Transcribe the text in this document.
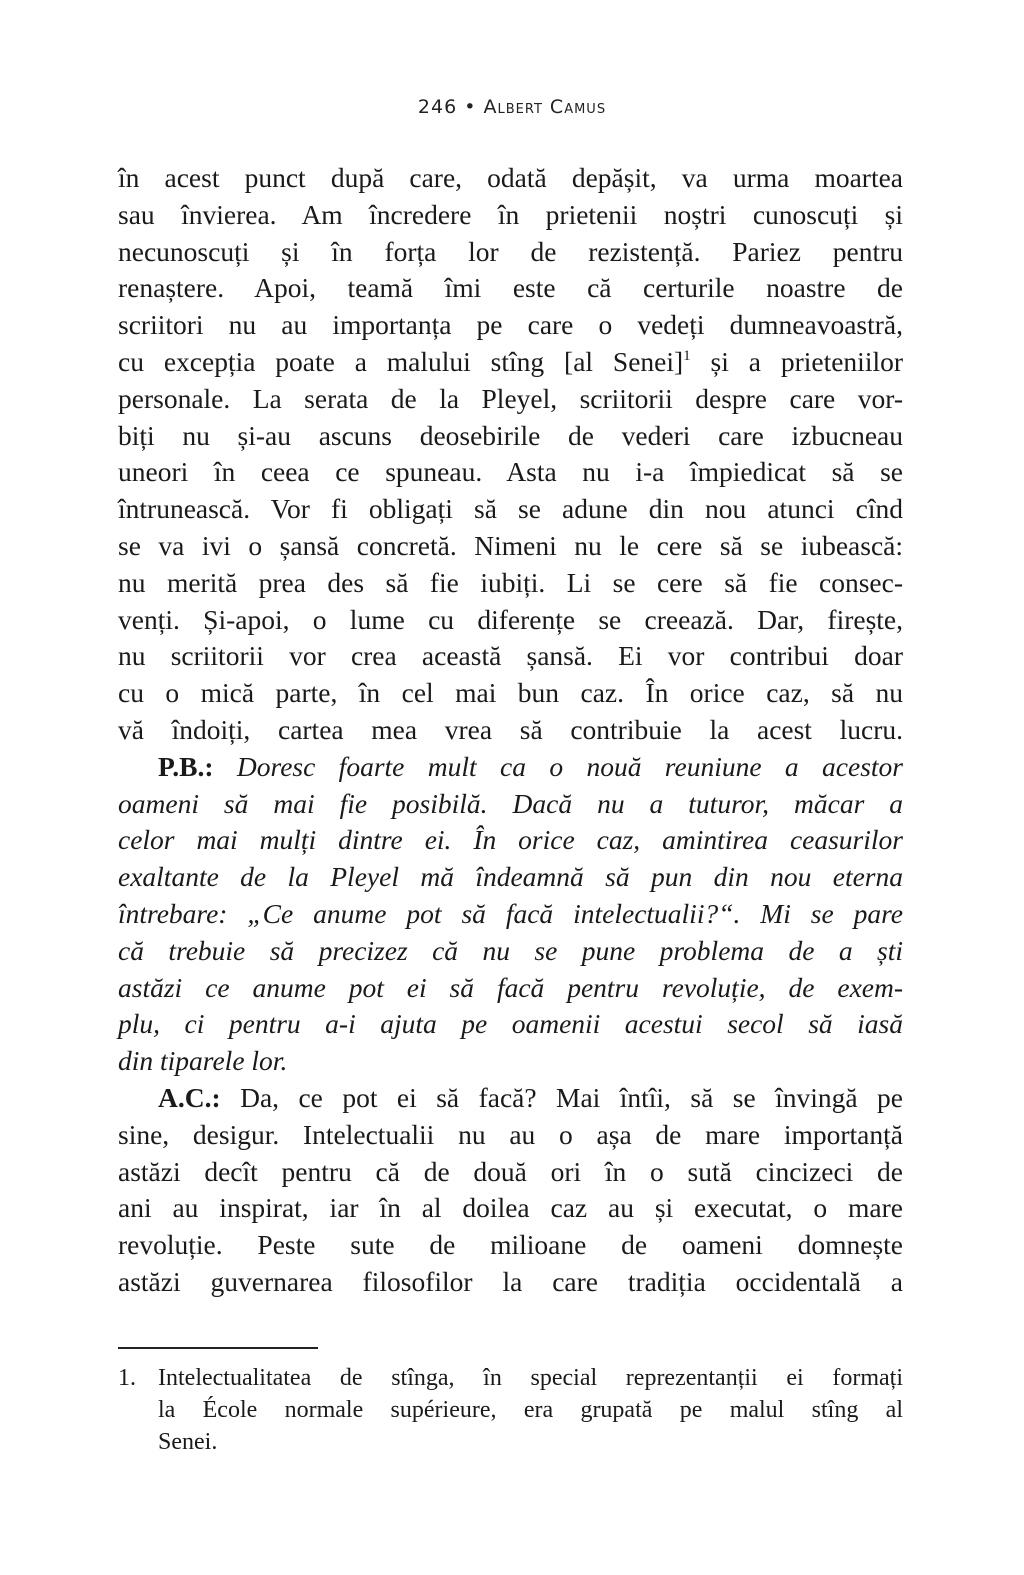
246 • Albert Camus
în acest punct după care, odată depășit, va urma moartea
sau învierea. Am încredere în prietenii noștri cunoscuți și
necunoscuți și în forța lor de rezistență. Pariez pentru
renaștere. Apoi, teamă îmi este că certurile noastre de
scriitori nu au importanța pe care o vedeți dumneavoastră,
cu excepția poate a malului stîng [al Senei]$^1$ și a prieteniilor
personale. La serata de la Pleyel, scriitorii despre care vor-
biți nu și-au ascuns deosebirile de vederi care izbucneau
uneori în ceea ce spuneau. Asta nu i-a împiedicat să se
întrunească. Vor fi obligați să se adune din nou atunci cînd
se va ivi o șansă concretă. Nimeni nu le cere să se iubească:
nu merită prea des să fie iubiți. Li se cere să fie consec-
venți. Și-apoi, o lume cu diferențe se creează. Dar, firește,
nu scriitorii vor crea această șansă. Ei vor contribui doar
cu o mică parte, în cel mai bun caz. În orice caz, să nu
vă îndoiți, cartea mea vrea să contribuie la acest lucru.
P.B.: Doresc foarte mult ca o nouă reuniune a acestor
oameni să mai fie posibilă. Dacă nu a tuturor, măcar a
celor mai mulți dintre ei. În orice caz, amintirea ceasurilor
exaltante de la Pleyel mă îndeamnă să pun din nou eterna
întrebare: „Ce anume pot să facă intelectualii?“. Mi se pare
că trebuie să precizez că nu se pune problema de a ști
astăzi ce anume pot ei să facă pentru revoluție, de exem-
plu, ci pentru a-i ajuta pe oamenii acestui secol să iasă
din tiparele lor.
A.C.: Da, ce pot ei să facă? Mai întîi, să se învingă pe
sine, desigur. Intelectualii nu au o așa de mare importanță
astăzi decît pentru că de două ori în o sută cincizeci de
ani au inspirat, iar în al doilea caz au și executat, o mare
revoluție. Peste sute de milioane de oameni domnește
astăzi guvernarea filosofilor la care tradiția occidentală a
1. Intelectualitatea de stînga, în special reprezentanții ei formați
la École normale supérieure, era grupată pe malul stîng al
Senei.
